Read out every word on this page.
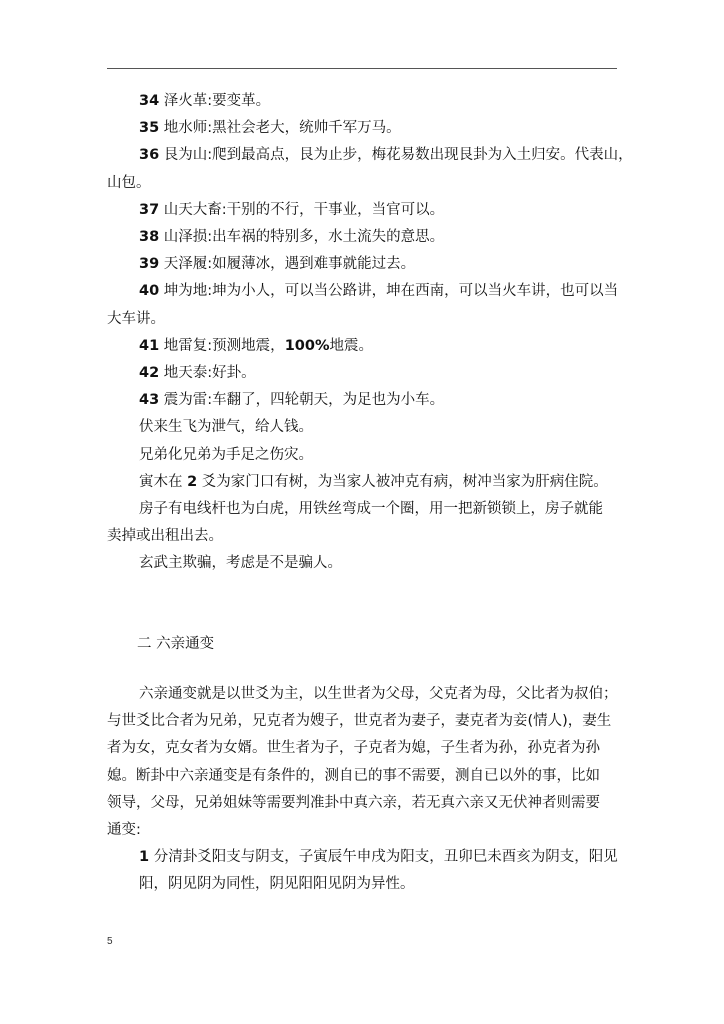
34 泽火革:要变革。
35 地水师:黑社会老大，统帅千军万马。
36 艮为山:爬到最高点，艮为止步，梅花易数出现艮卦为入土归安。代表山，
山包。
37 山天大畜:干别的不行，干事业，当官可以。
38 山泽损:出车祸的特别多，水土流失的意思。
39 天泽履:如履薄冰，遇到难事就能过去。
40 坤为地:坤为小人，可以当公路讲，坤在西南，可以当火车讲，也可以当
大车讲。
41 地雷复:预测地震，100%地震。
42 地天泰:好卦。
43 震为雷:车翻了，四轮朝天，为足也为小车。
伏来生飞为泄气，给人钱。
兄弟化兄弟为手足之伤灾。
寅木在 2 爻为家门口有树，为当家人被冲克有病，树冲当家为肝病住院。
房子有电线杆也为白虎，用铁丝弯成一个圈，用一把新锁锁上，房子就能
卖掉或出租出去。
玄武主欺骗，考虑是不是骗人。
二 六亲通变
六亲通变就是以世爻为主，以生世者为父母，父克者为母，父比者为叔伯；
与世爻比合者为兄弟，兄克者为嫂子，世克者为妻子，妻克者为妾(情人)，妻生
者为女，克女者为女婿。世生者为子，子克者为媳，子生者为孙，孙克者为孙
媳。断卦中六亲通变是有条件的，测自已的事不需要，测自已以外的事，比如
领导，父母，兄弟姐妹等需要判准卦中真六亲，若无真六亲又无伏神者则需要
通变:
1 分清卦爻阳支与阴支，子寅辰午申戌为阳支，丑卯巳未酉亥为阴支，阳见
阳，阴见阴为同性，阴见阳阳见阴为异性。
5
